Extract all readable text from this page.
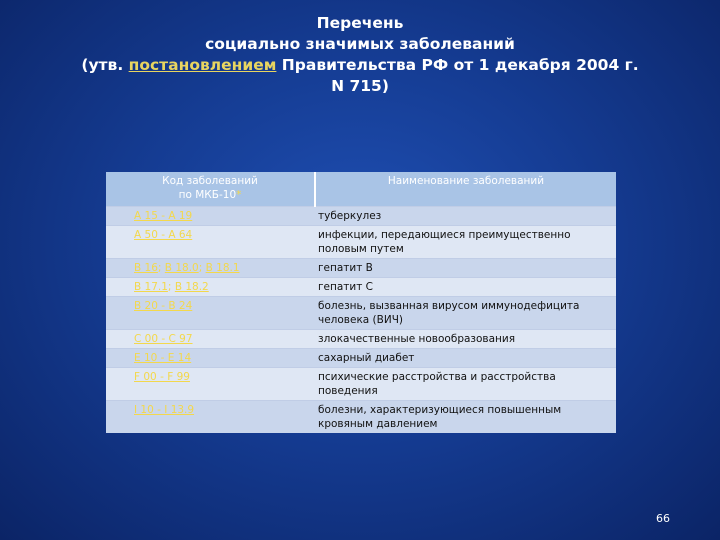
Перечень
социально значимых заболеваний
(утв. постановлением Правительства РФ от 1 декабря 2004 г.
N 715)
Код заболеваний
по МКБ-10*	Наименование заболеваний
A 15 - A 19	туберкулез
A 50 - A 64	инфекции, передающиеся преимущественно половым путем
B 16; B 18.0; B 18.1	гепатит B
B 17.1; B 18.2	гепатит C
B 20 - B 24	болезнь, вызванная вирусом иммунодефицита человека (ВИЧ)
C 00 - C 97	злокачественные новообразования
E 10 - E 14	сахарный диабет
F 00 - F 99	психические расстройства и расстройства поведения
I 10 - I 13.9	болезни, характеризующиеся повышенным кровяным давлением
66
